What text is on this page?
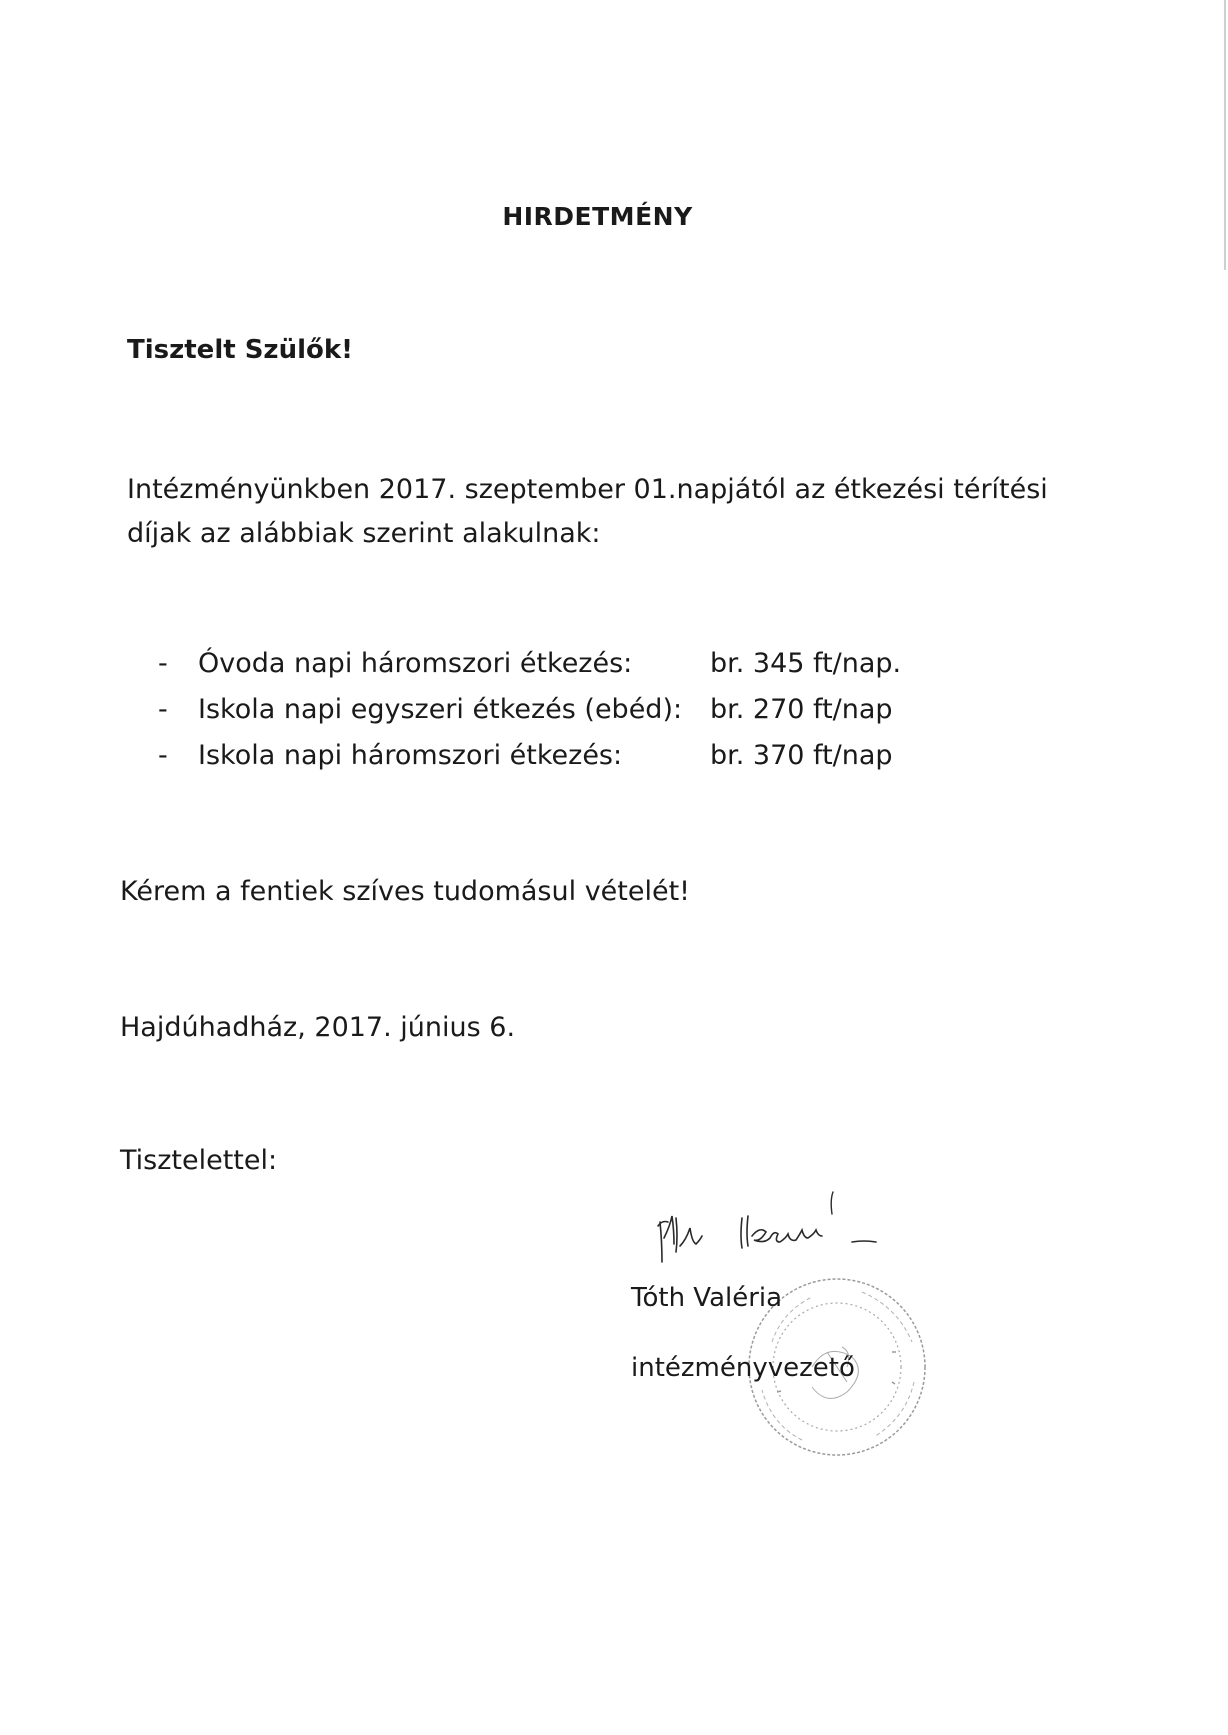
HIRDETMÉNY
Tisztelt Szülők!
Intézményünkben 2017. szeptember 01.napjától az étkezési térítési díjak az alábbiak szerint alakulnak:
- Óvoda napi háromszori étkezés:	br. 345 ft/nap.
- Iskola napi egyszeri étkezés (ebéd): br. 270 ft/nap
- Iskola napi háromszori étkezés:	br. 370 ft/nap
Kérem a fentiek szíves tudomásul vételét!
Hajdúhadház, 2017. június 6.
Tisztelettel:
Tóth Valéria
intézményvezető
